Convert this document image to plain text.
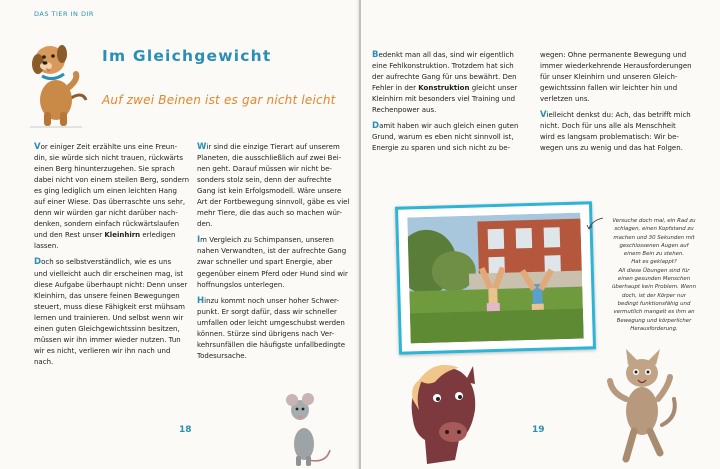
DAS TIER IN DIR
Im Gleichgewicht
Auf zwei Beinen ist es gar nicht leicht

Vor einiger Zeit erzählte uns eine Freun-
din, sie würde sich nicht trauen, rückwärts
einen Berg hinunterzugehen. Sie sprach
dabei nicht von einem steilen Berg, sondern
es ging lediglich um einen leichten Hang
auf einer Wiese. Das überraschte uns sehr,
denn wir würden gar nicht darüber nach-
denken, sondern einfach rückwärtslaufen
und den Rest unser Kleinhirn erledigen
lassen.

Doch so selbstverständlich, wie es uns
und vielleicht auch dir erscheinen mag, ist
diese Aufgabe überhaupt nicht: Denn unser
Kleinhirn, das unsere feinen Bewegungen
steuert, muss diese Fähigkeit erst mühsam
lernen und trainieren. Und selbst wenn wir
einen guten Gleichgewichtssinn besitzen,
müssen wir ihn immer wieder nutzen. Tun
wir es nicht, verlieren wir ihn nach und
nach.

Wir sind die einzige Tierart auf unserem
Planeten, die ausschließlich auf zwei Bei-
nen geht. Darauf müssen wir nicht be-
sonders stolz sein, denn der aufrechte
Gang ist kein Erfolgsmodell. Wäre unsere
Art der Fortbewegung sinnvoll, gäbe es viel
mehr Tiere, die das auch so machen wür-
den.

Im Vergleich zu Schimpansen, unseren
nahen Verwandten, ist der aufrechte Gang
zwar schneller und spart Energie, aber
gegenüber einem Pferd oder Hund sind wir
hoffnungslos unterlegen.

Hinzu kommt noch unser hoher Schwer-
punkt. Er sorgt dafür, dass wir schneller
umfallen oder leicht umgeschubst werden
können. Stürze sind übrigens nach Ver-
kehrsunfällen die häufigste unfallbedingte
Todesursache.

18

Bedenkt man all das, sind wir eigentlich
eine Fehlkonstruktion. Trotzdem hat sich
der aufrechte Gang für uns bewährt. Den
Fehler in der Konstruktion gleicht unser
Kleinhirn mit besonders viel Training und
Rechenpower aus.

Damit haben wir auch gleich einen guten
Grund, warum es eben nicht sinnvoll ist,
Energie zu sparen und sich nicht zu be-

wegen: Ohne permanente Bewegung und
immer wiederkehrende Herausforderungen
für unser Kleinhirn und unseren Gleich-
gewichtssinn fallen wir leichter hin und
verletzen uns.

Vielleicht denkst du: Ach, das betrifft mich
nicht. Doch für uns alle als Menschheit
wird es langsam problematisch: Wir be-
wegen uns zu wenig und das hat Folgen.

Versuche doch mal, ein Rad zu
schlagen, einen Kopfstand zu
machen und 30 Sekunden mit
geschlossenen Augen auf
einem Bein zu stehen.
Hat es geklappt?
All diese Übungen sind für
einen gesunden Menschen
überhaupt kein Problem. Wenn
doch, ist der Körper nur
bedingt funktionsfähig und
vermutlich mangelt es ihm an
Bewegung und körperlicher
Herausforderung.
19
